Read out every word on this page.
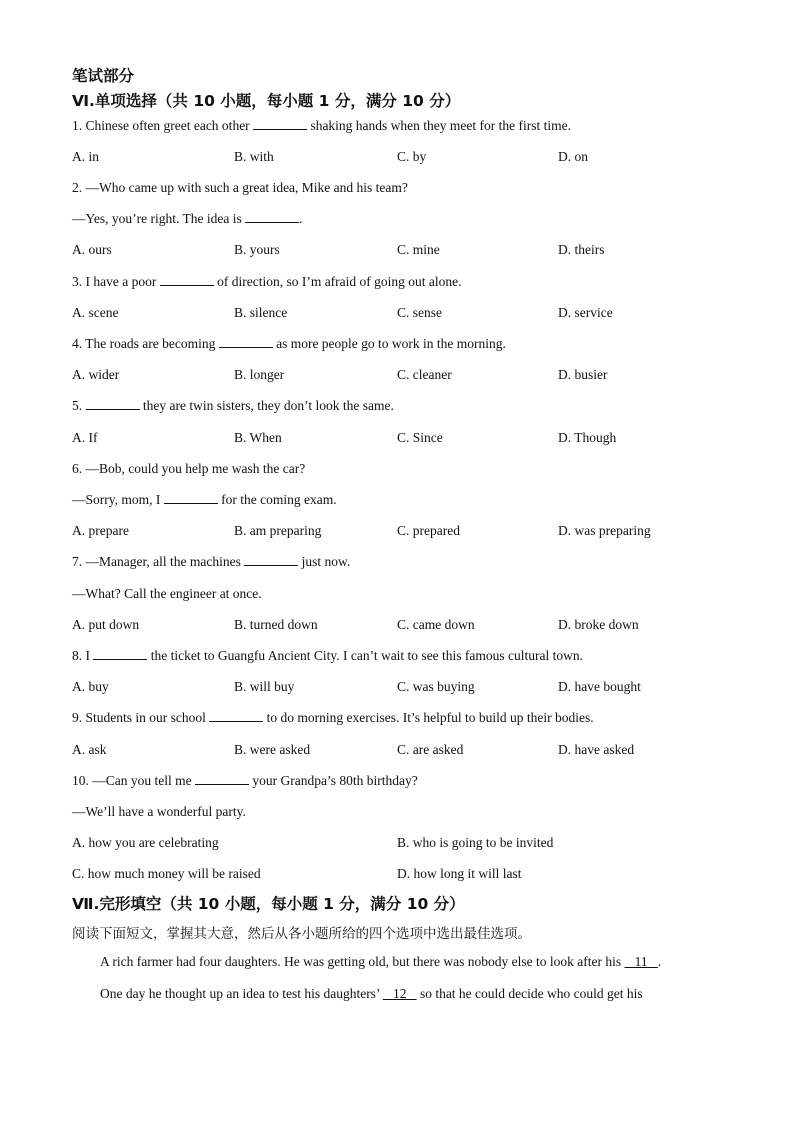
笔试部分
Ⅵ.单项选择（共 10 小题，每小题 1 分，满分 10 分）
1. Chinese often greet each other	shaking hands when they meet for the first time.
A. in	B. with	C. by	D. on
2. —Who came up with such a great idea, Mike and his team?
—Yes, you’re right. The idea is	.
A. ours	B. yours	C. mine	D. theirs
3. I have a poor	of direction, so I’m afraid of going out alone.
A. scene	B. silence	C. sense	D. service
4. The roads are becoming	as more people go to work in the morning.
A. wider	B. longer	C. cleaner	D. busier
5.	they are twin sisters, they don’t look the same.
A. If	B. When	C. Since	D. Though
6. —Bob, could you help me wash the car?
—Sorry, mom, I	for the coming exam.
A. prepare	B. am preparing	C. prepared	D. was preparing
7. —Manager, all the machines	just now.
—What? Call the engineer at once.
A. put down	B. turned down	C. came down	D. broke down
8. I	the ticket to Guangfu Ancient City. I can’t wait to see this famous cultural town.
A. buy	B. will buy	C. was buying	D. have bought
9. Students in our school	to do morning exercises. It’s helpful to build up their bodies.
A. ask	B. were asked	C. are asked	D. have asked
10. —Can you tell me	your Grandpa’s 80th birthday?
—We’ll have a wonderful party.
A. how you are celebrating	B. who is going to be invited
C. how much money will be raised	D. how long it will last
Ⅶ.完形填空（共 10 小题，每小题 1 分，满分 10 分）
阅读下面短文，掌握其大意，然后从各小题所给的四个选项中选出最佳选项。
A rich farmer had four daughters. He was getting old, but there was nobody else to look after his    11 .
One day he thought up an idea to test his daughters’    12    so that he could decide who could get his
